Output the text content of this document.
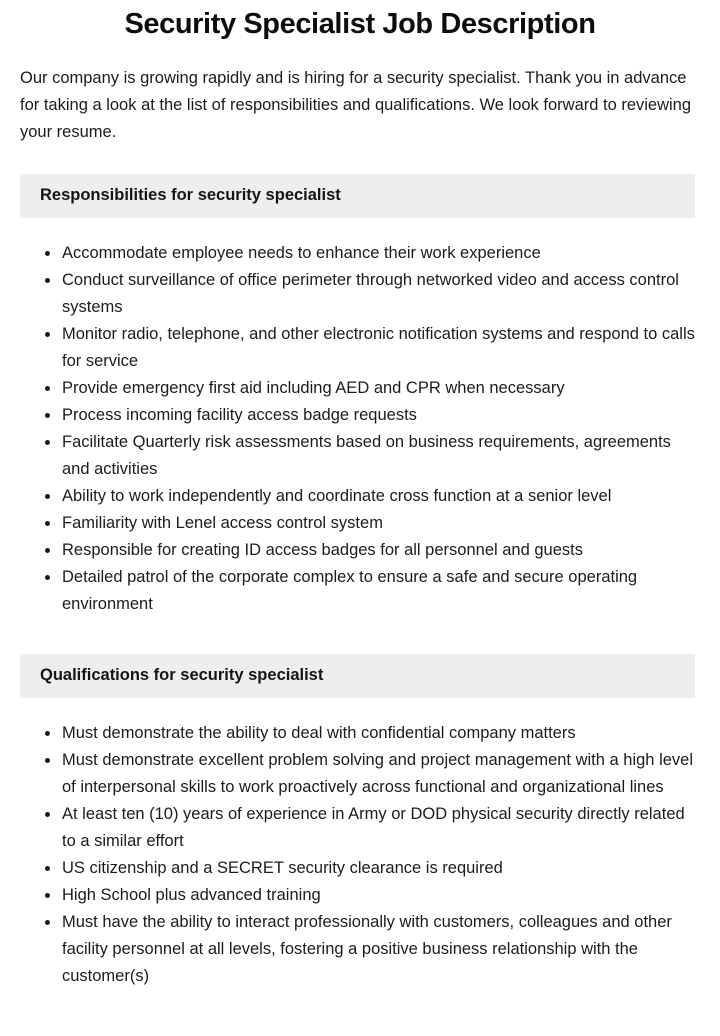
Security Specialist Job Description

Our company is growing rapidly and is hiring for a security specialist. Thank you in advance for taking a look at the list of responsibilities and qualifications. We look forward to reviewing your resume.

Responsibilities for security specialist
• Accommodate employee needs to enhance their work experience
• Conduct surveillance of office perimeter through networked video and access control systems
• Monitor radio, telephone, and other electronic notification systems and respond to calls for service
• Provide emergency first aid including AED and CPR when necessary
• Process incoming facility access badge requests
• Facilitate Quarterly risk assessments based on business requirements, agreements and activities
• Ability to work independently and coordinate cross function at a senior level
• Familiarity with Lenel access control system
• Responsible for creating ID access badges for all personnel and guests
• Detailed patrol of the corporate complex to ensure a safe and secure operating environment
Qualifications for security specialist
• Must demonstrate the ability to deal with confidential company matters
• Must demonstrate excellent problem solving and project management with a high level of interpersonal skills to work proactively across functional and organizational lines
• At least ten (10) years of experience in Army or DOD physical security directly related to a similar effort
• US citizenship and a SECRET security clearance is required
• High School plus advanced training
• Must have the ability to interact professionally with customers, colleagues and other facility personnel at all levels, fostering a positive business relationship with the customer(s)
